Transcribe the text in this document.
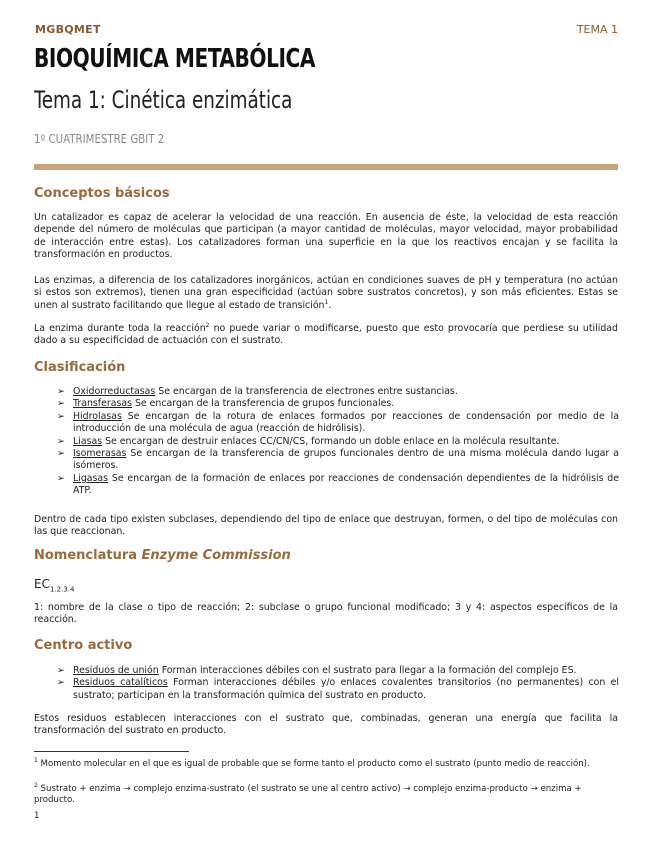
MGBQMET	TEMA 1
BIOQUÍMICA METABÓLICA
Tema 1: Cinética enzimática
1º CUATRIMESTRE GBIT 2
Conceptos básicos
Un catalizador es capaz de acelerar la velocidad de una reacción. En ausencia de éste, la velocidad de esta reacción depende del número de moléculas que participan (a mayor cantidad de moléculas, mayor velocidad, mayor probabilidad de interacción entre estas). Los catalizadores forman una superficie en la que los reactivos encajan y se facilita la transformación en productos.
Las enzimas, a diferencia de los catalizadores inorgánicos, actúan en condiciones suaves de pH y temperatura (no actúan si estos son extremos), tienen una gran especificidad (actúan sobre sustratos concretos), y son más eficientes. Estas se unen al sustrato facilitando que llegue al estado de transición$^1$.
La enzima durante toda la reacción$^2$ no puede variar o modificarse, puesto que esto provocaría que perdiese su utilidad dado a su especificidad de actuación con el sustrato.
Clasificación
➢ Oxidorreductasas Se encargan de la transferencia de electrones entre sustancias.
➢ Transferasas Se encargan de la transferencia de grupos funcionales.
➢ Hidrolasas Se encargan de la rotura de enlaces formados por reacciones de condensación por medio de la introducción de una molécula de agua (reacción de hidrólisis).
➢ Liasas Se encargan de destruir enlaces CC/CN/CS, formando un doble enlace en la molécula resultante.
➢ Isomerasas Se encargan de la transferencia de grupos funcionales dentro de una misma molécula dando lugar a isómeros.
➢ Ligasas Se encargan de la formación de enlaces por reacciones de condensación dependientes de la hidrólisis de ATP.
Dentro de cada tipo existen subclases, dependiendo del tipo de enlace que destruyan, formen, o del tipo de moléculas con las que reaccionan.
Nomenclatura Enzyme Commission
$EC_{1.2.3.4}$
1: nombre de la clase o tipo de reacción; 2: subclase o grupo funcional modificado; 3 y 4: aspectos específicos de la reacción.
Centro activo
➢ Residuos de unión Forman interacciones débiles con el sustrato para llegar a la formación del complejo ES.
➢ Residuos catalíticos Forman interacciones débiles y/o enlaces covalentes transitorios (no permanentes) con el sustrato; participan en la transformación química del sustrato en producto.
Estos residuos establecen interacciones con el sustrato que, combinadas, generan una energía que facilita la transformación del sustrato en producto.
$^1$ Momento molecular en el que es igual de probable que se forme tanto el producto como el sustrato (punto medio de reacción).
$^2$ Sustrato + enzima → complejo enzima-sustrato (el sustrato se une al centro activo) → complejo enzima-producto → enzima + producto.
1
